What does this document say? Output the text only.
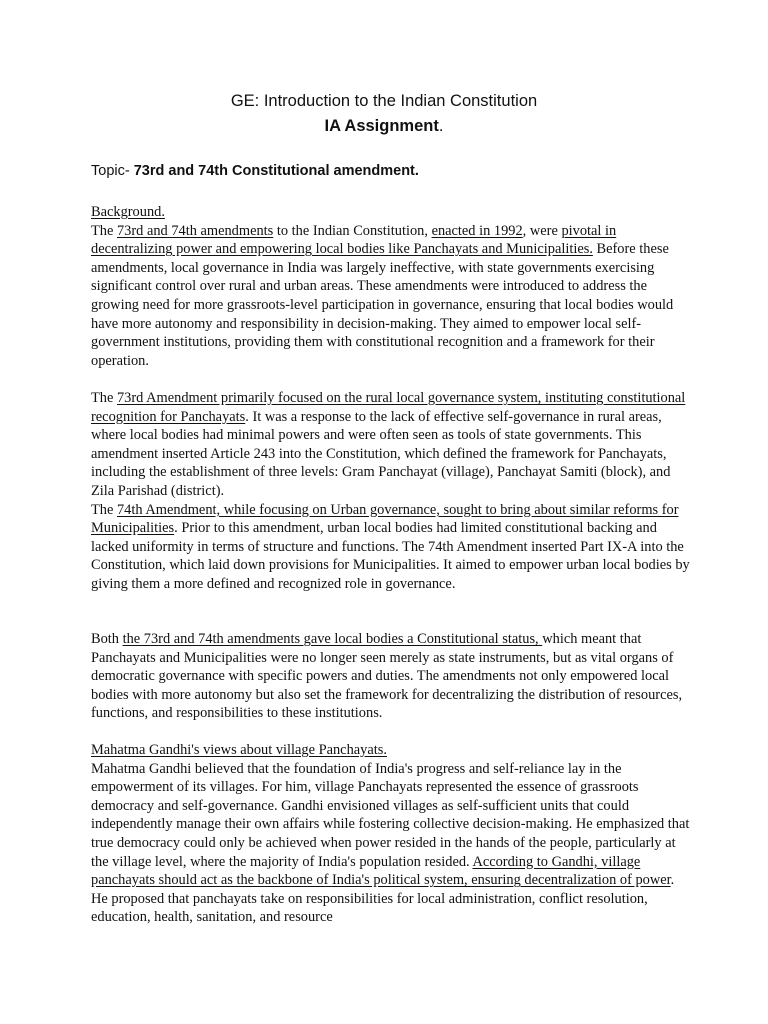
GE: Introduction to the Indian Constitution
IA Assignment.
Topic- 73rd and 74th Constitutional amendment.

Background.

The 73rd and 74th amendments to the Indian Constitution, enacted in 1992, were pivotal in decentralizing power and empowering local bodies like Panchayats and Municipalities. Before these amendments, local governance in India was largely ineffective, with state governments exercising significant control over rural and urban areas. These amendments were introduced to address the growing need for more grassroots-level participation in governance, ensuring that local bodies would have more autonomy and responsibility in decision-making. They aimed to empower local self- government institutions, providing them with constitutional recognition and a framework for their operation.

The 73rd Amendment primarily focused on the rural local governance system, instituting constitutional recognition for Panchayats. It was a response to the lack of effective self-governance in rural areas, where local bodies had minimal powers and were often seen as tools of state governments. This amendment inserted Article 243 into the Constitution, which defined the framework for Panchayats, including the establishment of three levels: Gram Panchayat (village), Panchayat Samiti (block), and Zila Parishad (district).

The 74th Amendment, while focusing on Urban governance, sought to bring about similar reforms for Municipalities. Prior to this amendment, urban local bodies had limited constitutional backing and lacked uniformity in terms of structure and functions. The 74th Amendment inserted Part IX-A into the Constitution, which laid down provisions for Municipalities. It aimed to empower urban local bodies by giving them a more defined and recognized role in governance.

Both the 73rd and 74th amendments gave local bodies a Constitutional status, which meant that Panchayats and Municipalities were no longer seen merely as state instruments, but as vital organs of democratic governance with specific powers and duties. The amendments not only empowered local bodies with more autonomy but also set the framework for decentralizing the distribution of resources, functions, and responsibilities to these institutions.

Mahatma Gandhi's views about village Panchayats.

Mahatma Gandhi believed that the foundation of India's progress and self-reliance lay in the empowerment of its villages. For him, village Panchayats represented the essence of grassroots democracy and self-governance. Gandhi envisioned villages as self-sufficient units that could independently manage their own affairs while fostering collective decision-making. He emphasized that true democracy could only be achieved when power resided in the hands of the people, particularly at the village level, where the majority of India's population resided. According to Gandhi, village panchayats should act as the backbone of India's political system, ensuring decentralization of power. He proposed that panchayats take on responsibilities for local administration, conflict resolution, education, health, sanitation, and resource
